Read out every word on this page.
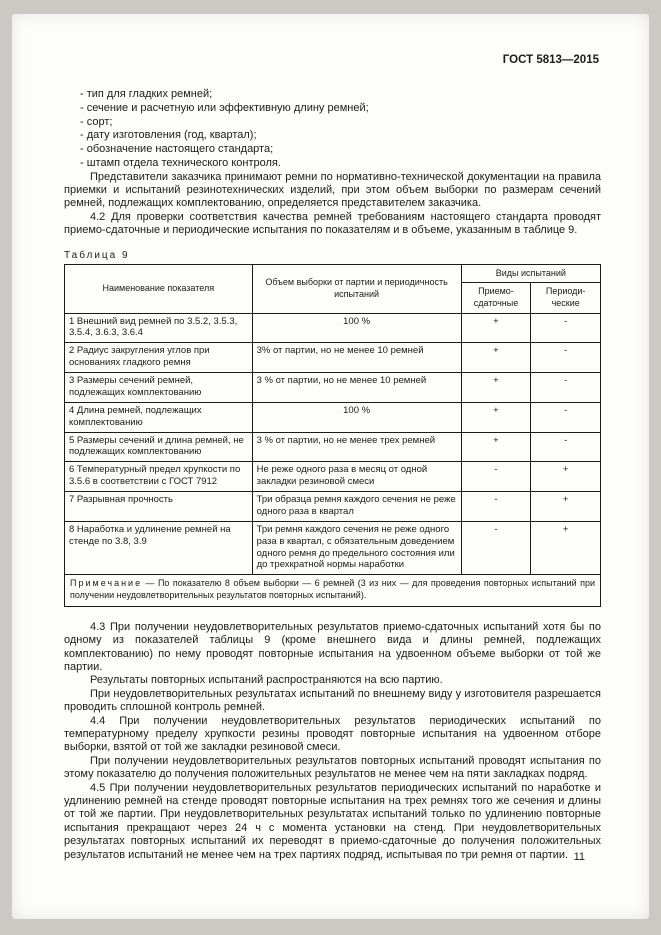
ГОСТ 5813—2015

- тип для гладких ремней;

- сечение и расчетную или эффективную длину ремней;

- сорт;

- дату изготовления (год, квартал);

- обозначение настоящего стандарта;

- штамп отдела технического контроля.

Представители заказчика принимают ремни по нормативно-технической документации на правила приемки и испытаний резинотехнических изделий, при этом объем выборки по размерам сечений ремней, подлежащих комплектованию, определяется представителем заказчика.

4.2 Для проверки соответствия качества ремней требованиям настоящего стандарта проводят приемо-сдаточные и периодические испытания по показателям и в объеме, указанным в таблице 9.

Таблица 9
Наименование показателя	Объем выборки от партии и периодичность испытаний	Виды испытаний	
		Приемо-сдаточные	Периоди-ческие
1 Внешний вид ремней по 3.5.2, 3.5.3, 3.5.4, 3.6.3, 3.6.4	100 %	+	-
2 Радиус закругления углов при основаниях гладкого ремня	3% от партии, но не менее 10 ремней	+	-
3 Размеры сечений ремней, подлежащих комплектованию	3 % от партии, но не менее 10 ремней	+	-
4 Длина ремней, подлежащих комплектованию	100 %	+	-
5 Размеры сечений и длина ремней, не подлежащих комплектованию	3 % от партии, но не менее трех ремней	+	-
6 Температурный предел хрупкости по 3.5.6 в соответствии с ГОСТ 7912	Не реже одного раза в месяц от одной закладки резиновой смеси	-	+
7 Разрывная прочность	Три образца ремня каждого сечения не реже одного раза в квартал	-	+
8 Наработка и удлинение ремней на стенде по 3.8, 3.9	Три ремня каждого сечения не реже одного раза в квартал, с обязательным доведением одного ремня до предельного состояния или до трехкратной нормы наработки	-	+
Примечание — По показателю 8 объем выборки — 6 ремней (3 из них — для проведения повторных испытаний при получении неудовлетворительных результатов повторных испытаний).			

4.3 При получении неудовлетворительных результатов приемо-сдаточных испытаний хотя бы по одному из показателей таблицы 9 (кроме внешнего вида и длины ремней, подлежащих комплектованию) по нему проводят повторные испытания на удвоенном объеме выборки от той же партии.

Результаты повторных испытаний распространяются на всю партию.

При неудовлетворительных результатах испытаний по внешнему виду у изготовителя разрешается проводить сплошной контроль ремней.

4.4 При получении неудовлетворительных результатов периодических испытаний по температурному пределу хрупкости резины проводят повторные испытания на удвоенном отборе выборки, взятой от той же закладки резиновой смеси.

При получении неудовлетворительных результатов повторных испытаний проводят испытания по этому показателю до получения положительных результатов не менее чем на пяти закладках подряд.

4.5 При получении неудовлетворительных результатов периодических испытаний по наработке и удлинению ремней на стенде проводят повторные испытания на трех ремнях того же сечения и длины от той же партии. При неудовлетворительных результатах испытаний только по удлинению повторные испытания прекращают через 24 ч с момента установки на стенд. При неудовлетворительных результатах повторных испытаний их переводят в приемо-сдаточные до получения положительных результатов испытаний не менее чем на трех партиях подряд, испытывая по три ремня от партии. 11
